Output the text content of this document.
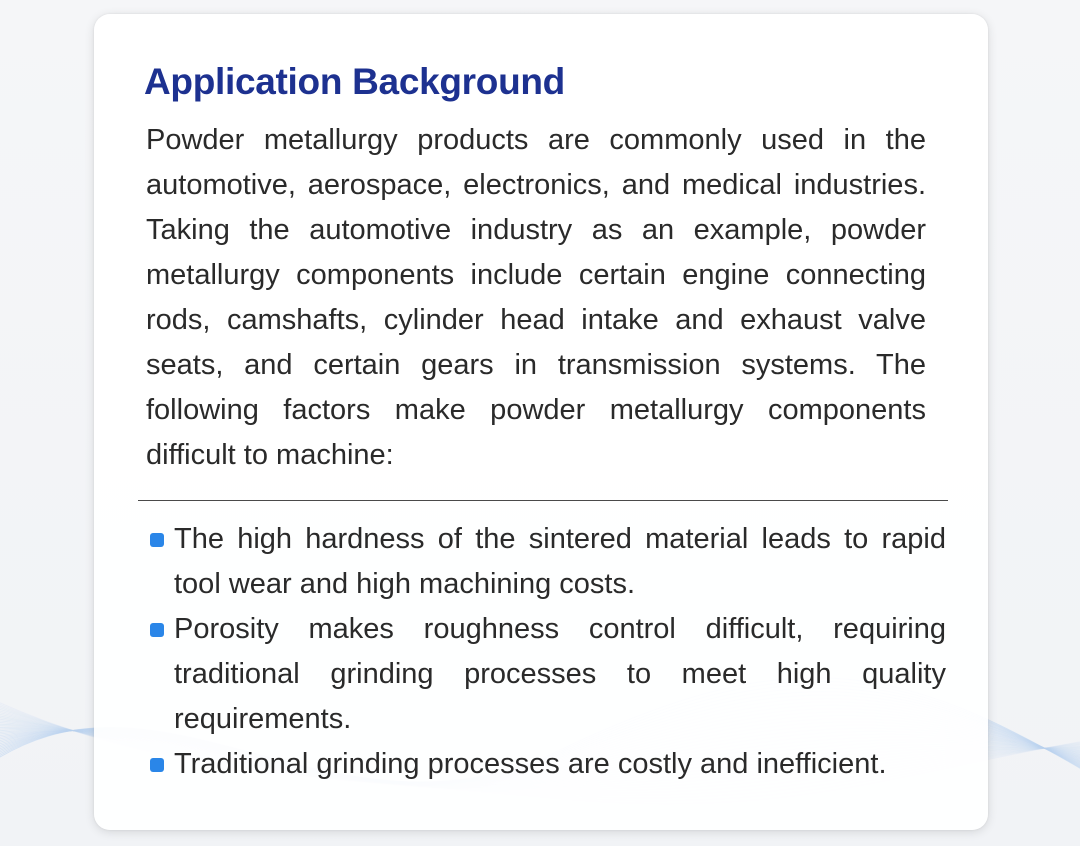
Application Background

Powder metallurgy products are commonly used in the automotive, aerospace, electronics, and medical industries. Taking the automotive industry as an example, powder metallurgy components include certain engine connecting rods, camshafts, cylinder head intake and exhaust valve seats, and certain gears in transmission systems. The following factors make powder metallurgy components difficult to machine:

The high hardness of the sintered material leads to rapid tool wear and high machining costs.
Porosity makes roughness control difficult, requiring traditional grinding processes to meet high quality requirements.
Traditional grinding processes are costly and inefficient.
